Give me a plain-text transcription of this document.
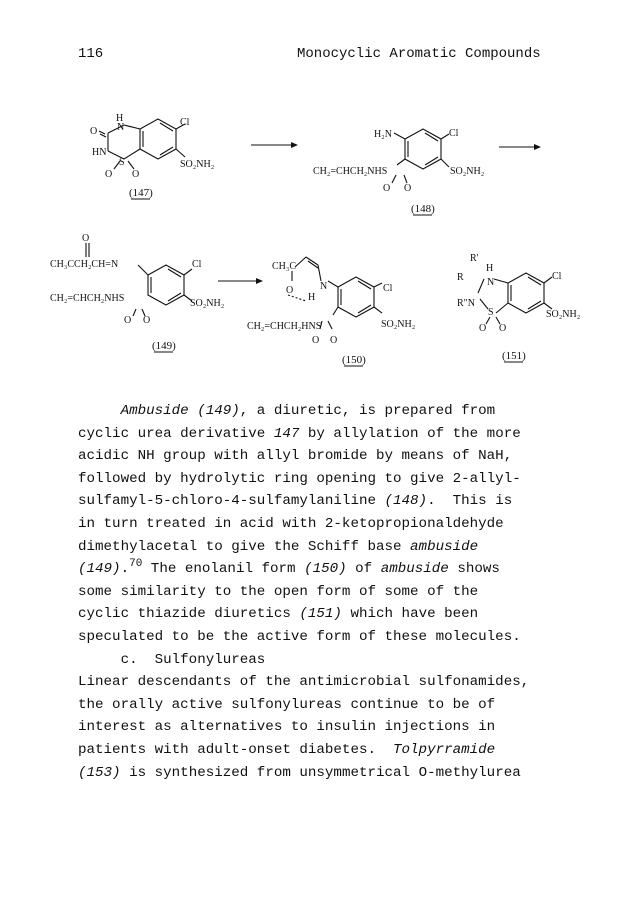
116	Monocyclic Aromatic Compounds
H
O N
HN
S
O O
Cl
SO₂NH₂
(147)
H₂N	Cl
CH₂=CHCH₂NHS
O O
SO₂NH₂
(148)
O
CH₃CCH₂CH=N	Cl
CH₂=CHCH₂NHS
O O
SO₂NH₂
(149)
CH₃C
O
H
N	Cl
CH₂=CHCH₂HNS
O O
SO₂NH₂
(150)
R'
H
R N
R"N
S
O O
Cl
SO₂NH₂
(151)
Ambuside (149), a diuretic, is prepared from
cyclic urea derivative 147 by allylation of the more
acidic NH group with allyl bromide by means of NaH,
followed by hydrolytic ring opening to give 2-allyl-
sulfamyl-5-chloro-4-sulfamylaniline (148).  This is
in turn treated in acid with 2-ketopropionaldehyde
dimethylacetal to give the Schiff base ambuside
(149).$^{70}$ The enolanil form (150) of ambuside shows
some similarity to the open form of some of the
cyclic thiazide diuretics (151) which have been
speculated to be the active form of these molecules.
c.  Sulfonylureas
Linear descendants of the antimicrobial sulfonamides,
the orally active sulfonylureas continue to be of
interest as alternatives to insulin injections in
patients with adult-onset diabetes.  Tolpyrramide
(153) is synthesized from unsymmetrical O-methylurea
